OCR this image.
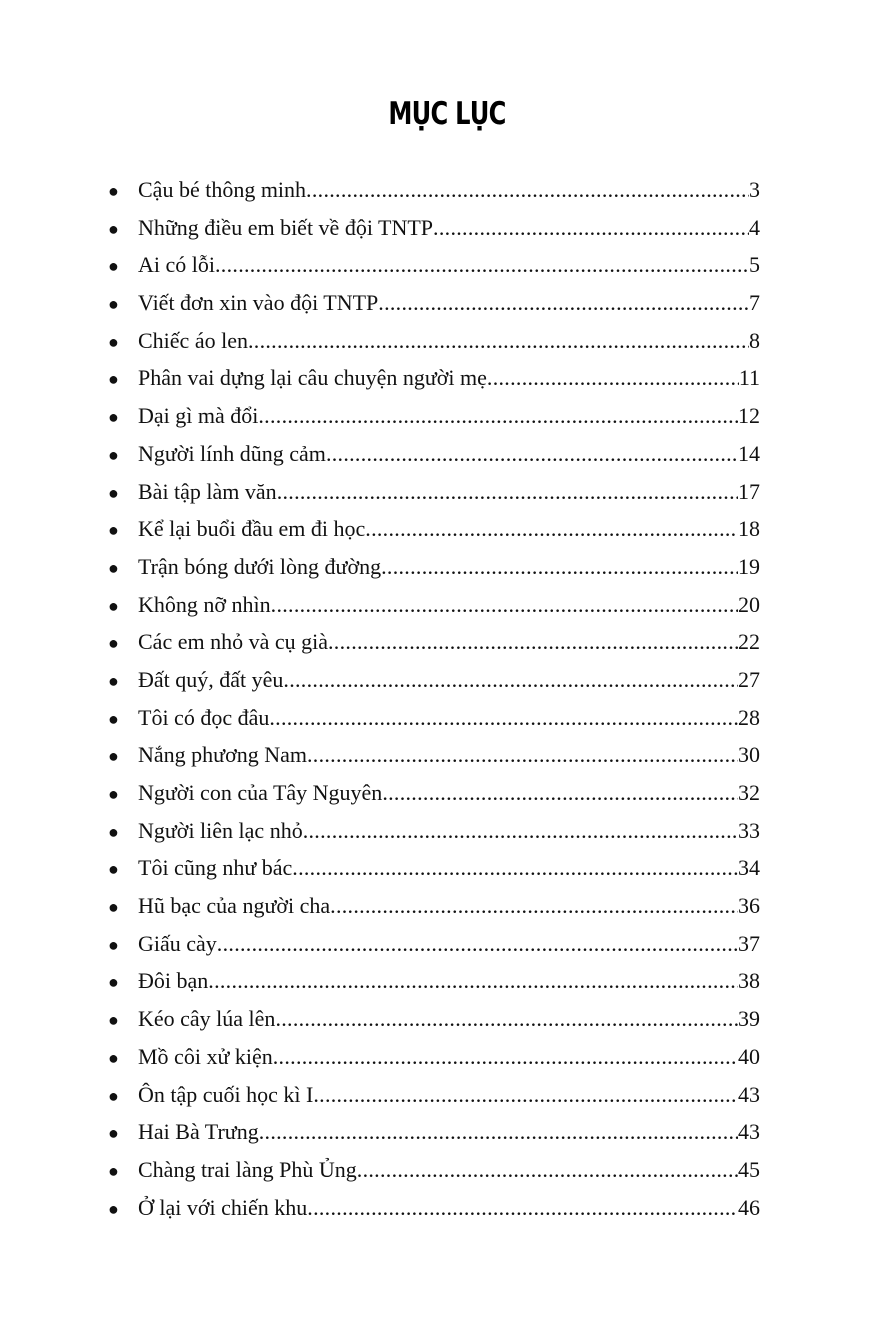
MỤC LỤC
● Cậu bé thông minh .....	3
● Những điều em biết về đội TNTP .....	4
● Ai có lỗi .....	5
● Viết đơn xin vào đội TNTP .....	7
● Chiếc áo len .....	8
● Phân vai dựng lại câu chuyện người mẹ .....	11
● Dại gì mà đổi .....	12
● Người lính dũng cảm .....	14
● Bài tập làm văn .....	17
● Kể lại buổi đầu em đi học .....	18
● Trận bóng dưới lòng đường .....	19
● Không nỡ nhìn .....	20
● Các em nhỏ và cụ già .....	22
● Đất quý, đất yêu .....	27
● Tôi có đọc đâu .....	28
● Nắng phương Nam .....	30
● Người con của Tây Nguyên .....	32
● Người liên lạc nhỏ .....	33
● Tôi cũng như bác .....	34
● Hũ bạc của người cha .....	36
● Giấu cày .....	37
● Đôi bạn .....	38
● Kéo cây lúa lên .....	39
● Mồ côi xử kiện .....	40
● Ôn tập cuối học kì I .....	43
● Hai Bà Trưng .....	43
● Chàng trai làng Phù Ủng .....	45
● Ở lại với chiến khu .....	46
